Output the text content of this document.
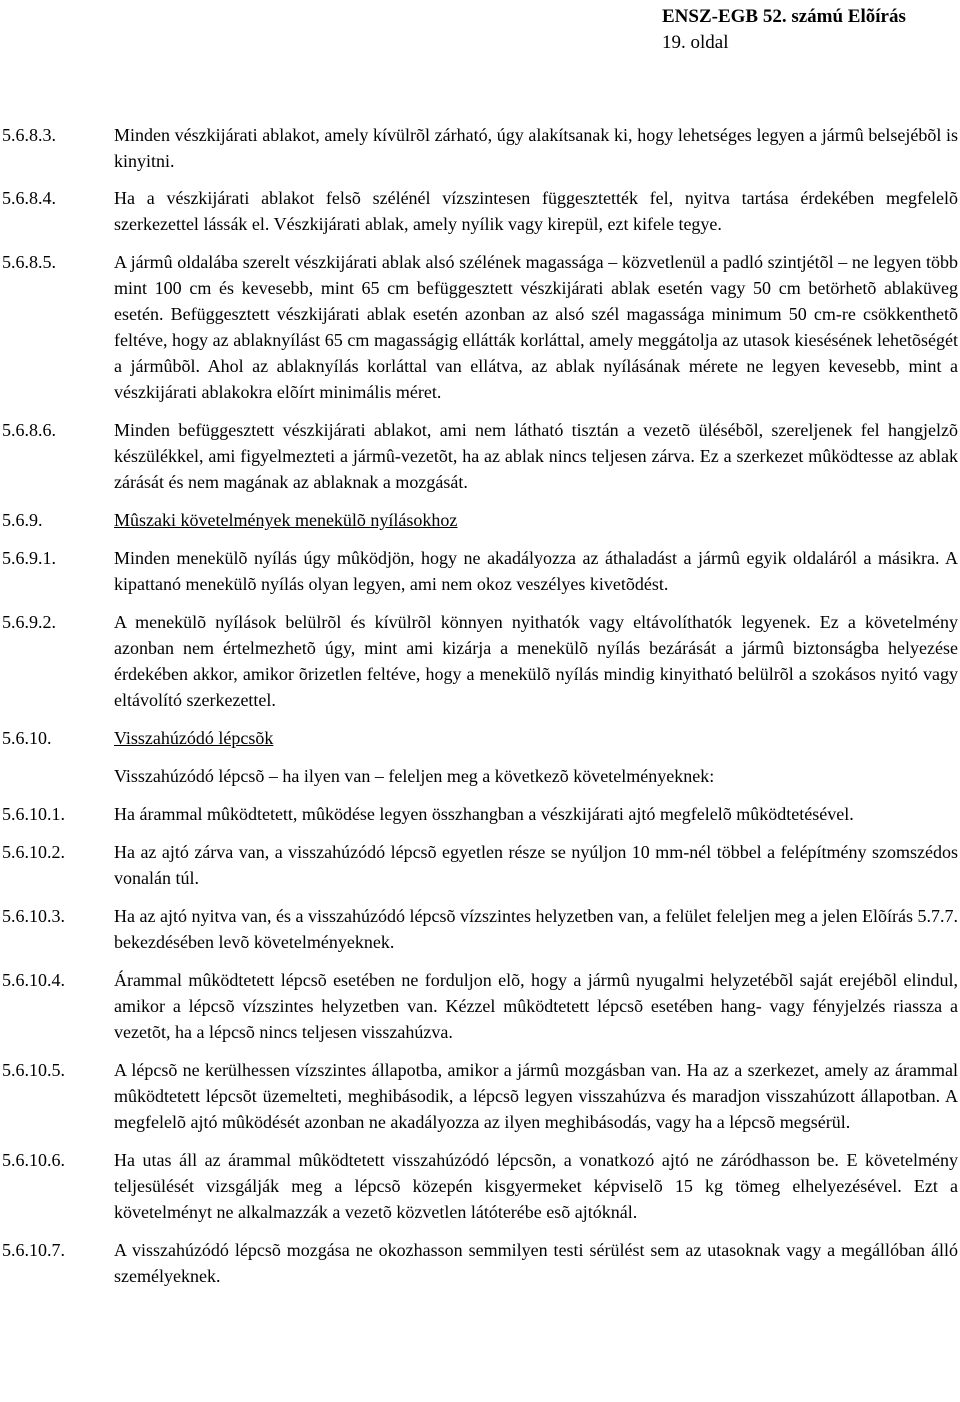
ENSZ-EGB 52. számú Elõírás
19. oldal
5.6.8.3.	Minden vészkijárati ablakot, amely kívülrõl zárható, úgy alakítsanak ki, hogy lehetséges legyen a jármû belsejébõl is kinyitni.
5.6.8.4.	Ha a vészkijárati ablakot felsõ szélénél vízszintesen függesztették fel, nyitva tartása érdekében megfelelõ szerkezettel lássák el. Vészkijárati ablak, amely nyílik vagy kirepül, ezt kifele tegye.
5.6.8.5.	A jármû oldalába szerelt vészkijárati ablak alsó szélének magassága – közvetlenül a padló szintjétõl – ne legyen több mint 100 cm és kevesebb, mint 65 cm befüggesztett vészkijárati ablak esetén vagy 50 cm betörhetõ ablaküveg esetén. Befüggesztett vészkijárati ablak esetén azonban az alsó szél magassága minimum 50 cm-re csökkenthetõ feltéve, hogy az ablaknyílást 65 cm magasságig ellátták korláttal, amely meggátolja az utasok kiesésének lehetõségét a jármûbõl. Ahol az ablaknyílás korláttal van ellátva, az ablak nyílásának mérete ne legyen kevesebb, mint a vészkijárati ablakokra elõírt minimális méret.
5.6.8.6.	Minden befüggesztett vészkijárati ablakot, ami nem látható tisztán a vezetõ ülésébõl, szereljenek fel hangjelzõ készülékkel, ami figyelmezteti a jármû-vezetõt, ha az ablak nincs teljesen zárva. Ez a szerkezet mûködtesse az ablak zárását és nem magának az ablaknak a mozgását.
5.6.9.	Mûszaki követelmények menekülõ nyílásokhoz
5.6.9.1.	Minden menekülõ nyílás úgy mûködjön, hogy ne akadályozza az áthaladást a jármû egyik oldaláról a másikra. A kipattanó menekülõ nyílás olyan legyen, ami nem okoz veszélyes kivetõdést.
5.6.9.2.	A menekülõ nyílások belülrõl és kívülrõl könnyen nyithatók vagy eltávolíthatók legyenek. Ez a követelmény azonban nem értelmezhetõ úgy, mint ami kizárja a menekülõ nyílás bezárását a jármû biztonságba helyezése érdekében akkor, amikor õrizetlen feltéve, hogy a menekülõ nyílás mindig kinyitható belülrõl a szokásos nyitó vagy eltávolító szerkezettel.
5.6.10.	Visszahúzódó lépcsõk
Visszahúzódó lépcsõ – ha ilyen van – feleljen meg a következõ követelményeknek:
5.6.10.1.	Ha árammal mûködtetett, mûködése legyen összhangban a vészkijárati ajtó megfelelõ mûködtetésével.
5.6.10.2.	Ha az ajtó zárva van, a visszahúzódó lépcsõ egyetlen része se nyúljon 10 mm-nél többel a felépítmény szomszédos vonalán túl.
5.6.10.3.	Ha az ajtó nyitva van, és a visszahúzódó lépcsõ vízszintes helyzetben van, a felület feleljen meg a jelen Elõírás 5.7.7. bekezdésében levõ követelményeknek.
5.6.10.4.	Árammal mûködtetett lépcsõ esetében ne forduljon elõ, hogy a jármû nyugalmi helyzetébõl saját erejébõl elindul, amikor a lépcsõ vízszintes helyzetben van. Kézzel mûködtetett lépcsõ esetében hang- vagy fényjelzés riassza a vezetõt, ha a lépcsõ nincs teljesen visszahúzva.
5.6.10.5.	A lépcsõ ne kerülhessen vízszintes állapotba, amikor a jármû mozgásban van. Ha az a szerkezet, amely az árammal mûködtetett lépcsõt üzemelteti, meghibásodik, a lépcsõ legyen visszahúzva és maradjon visszahúzott állapotban. A megfelelõ ajtó mûködését azonban ne akadályozza az ilyen meghibásodás, vagy ha a lépcsõ megsérül.
5.6.10.6.	Ha utas áll az árammal mûködtetett visszahúzódó lépcsõn, a vonatkozó ajtó ne záródhasson be. E követelmény teljesülését vizsgálják meg a lépcsõ közepén kisgyermeket képviselõ 15 kg tömeg elhelyezésével. Ezt a követelményt ne alkalmazzák a vezetõ közvetlen látóterébe esõ ajtóknál.
5.6.10.7.	A visszahúzódó lépcsõ mozgása ne okozhasson semmilyen testi sérülést sem az utasoknak vagy a megállóban álló személyeknek.
